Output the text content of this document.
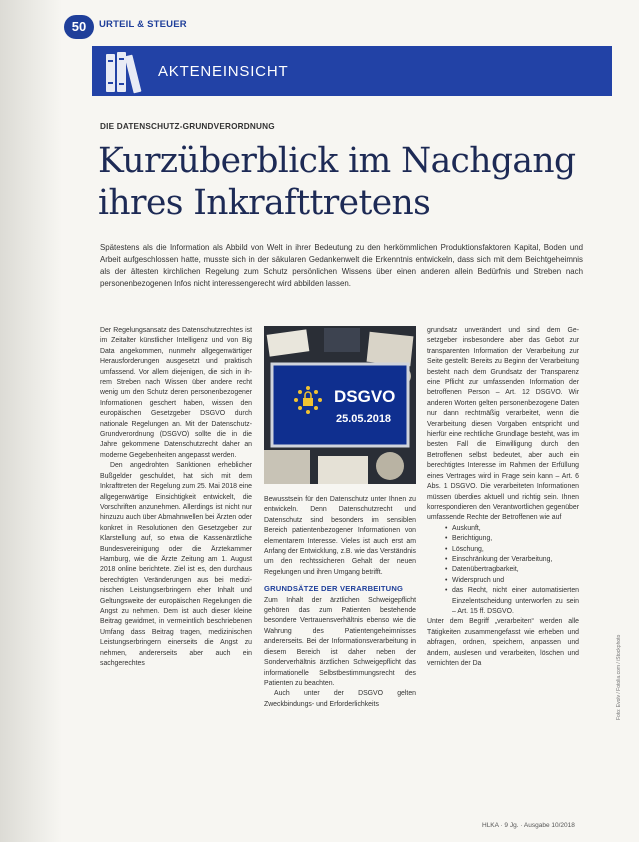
50	URTEIL & STEUER
AKTENEINSICHT
DIE DATENSCHUTZ-GRUNDVERORDNUNG
Kurzüberblick im Nachgang
ihres Inkrafttretens
Spätestens als die Information als Abbild von Welt in ihrer Bedeutung zu den herkömmlichen Produktionsfaktoren Kapital, Boden und Arbeit aufgeschlossen hatte, musste sich in der säkularen Gedankenwelt die Erkenntnis entwickeln, dass sich mit dem Beichtgeheimnis als der ältesten kirchlichen Regelung zum Schutz persönlichen Wissens über einen anderen allein Bedürfnis und Streben nach personenbezogenen Infos nicht interessengerecht wird abbilden lassen.
Der Regelungsansatz des Datenschutzrechtes ist im Zeitalter künstlicher Intelligenz und von Big Data angekommen, nunmehr allgegenwärtiger Herausforderungen ausgesetzt und praktisch umfassend. Vor allem diejenigen, die sich in ihrem Streben nach Wissen über andere recht wenig um den Schutz deren personenbezogener Informationen geschert haben, wissen den europäischen Gesetzgeber DSGVO durch nationale Regelungen an. Mit der Datenschutz-Grundverordnung (DSGVO) sollte die in die Jahre gekommene Datenschutzrecht daher an moderne Gegebenheiten angepasst werden.
Den angedrohten Sanktionen erheblicher Bußgelder geschuldet, hat sich mit dem Inkrafttreten der Regelung zum 25. Mai 2018 eine allgegenwärtige Einsichtigkeit entwickelt, die Vorschriften anzunehmen. Allerdings ist nicht nur hinzuzu auch über Abmahnwellen bei Ärzten oder konkret in Resolutionen den Gesetzgeber zur Klarstellung auf, so etwa die Kassenärztliche Bundesvereinigung oder die Ärztekammer Hamburg, wie die Ärzte Zeitung am 1. August 2018 online berichtete. Ziel ist es, den durchaus berechtigten Veränderungen aus bei medizinischen Leistungserbringern eher Inhalt und Geltungsweite der europäischen Regelungen die Angst zu nehmen. Dem ist auch dieser kleine Beitrag gewidmet, in vermeintlich beschriebenen Umfang dass Beitrag tragen, medizinischen Leistungserbringern einerseits die Angst zu nehmen, andererseits aber auch ein sachgerechtes
DSGVO
25.05.2018
Bewusstsein für den Datenschutz unter Ihnen zu entwickeln. Denn Datenschutzrecht und Datenschutz sind besonders im sensiblen Bereich patientenbezogener Informationen von elementarem Interesse. Vieles ist auch erst am Anfang der Entwicklung, z.B. wie das Verständnis um den rechtssicheren Gehalt der neuen Regelungen und ihren Umgang betrifft.
GRUNDSÄTZE DER VERARBEITUNG
Zum Inhalt der ärztlichen Schweigepflicht gehören das zum Patienten bestehende besondere Vertrauensverhältnis ebenso wie die Wahrung des Patientengeheimnisses andererseits. Bei der Informationsverarbeitung in diesem Bereich ist daher neben der Sonderverhältnis ärztlichen Schweigepflicht das informationelle Selbstbestimmungsrecht des Patienten zu beachten.
Auch unter der DSGVO gelten Zweckbindungs- und Erforderlichkeits
grundsatz unverändert und sind dem Gesetzgeber insbesondere aber das Gebot zur transparenten Information der Verarbeitung zur Seite gestellt: Bereits zu Beginn der Verarbeitung besteht nach dem Grundsatz der Transparenz eine Pflicht zur umfassenden Information der betroffenen Person – Art. 12 DSGVO. Wir anderen Worten gelten personenbezogene Daten nur dann rechtmäßig verarbeitet, wenn die Verarbeitung diesen Vorgaben entspricht und hierfür eine rechtliche Grundlage besteht, was im besten Fall die Einwilligung durch den Betroffenen selbst bedeutet, aber auch ein berechtigtes Interesse im Rahmen der Erfüllung eines Vertrages wird in Frage sein kann – Art. 6 Abs. 1 DSGVO. Die verarbeiteten Informationen müssen überdies aktuell und richtig sein. Ihnen korrespondieren den Verantwortlichen gegenüber umfassende Rechte der Betroffenen wie auf
• Auskunft,
• Berichtigung,
• Löschung,
• Einschränkung der Verarbeitung,
• Datenübertragbarkeit,
• Widerspruch und
• das Recht, nicht einer automatisierten Einzelentscheidung unterworfen zu sein – Art. 15 ff. DSGVO.
Unter dem Begriff „verarbeiten“ werden alle Tätigkeiten zusammengefasst wie erheben und abfragen, ordnen, speichern, anpassen und ändern, auslesen und verarbeiten, löschen und vernichten der Da
HLKA · 9 Jg. · Ausgabe 10/2018
Foto: Evolv / Fotolia.com / iStockphoto
